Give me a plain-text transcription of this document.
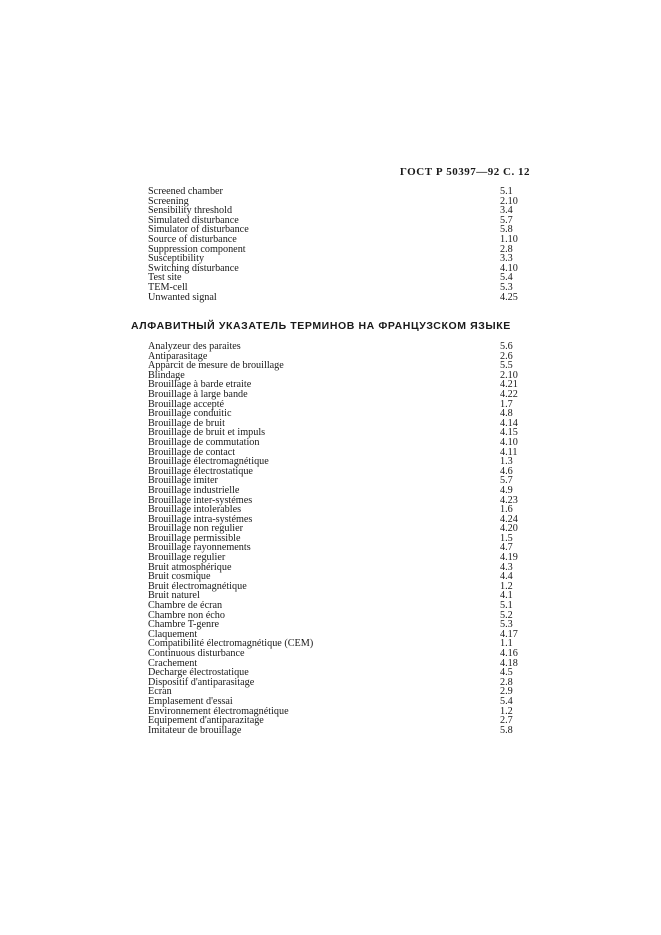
ГОСТ Р 50397—92 С. 12
Screened chamber	5.1
Screening	2.10
Sensibility threshold	3.4
Simulated disturbance	5.7
Simulator of disturbance	5.8
Source of disturbance	1.10
Suppression component	2.8
Susceptibility	3.3
Switching disturbance	4.10
Test site	5.4
TEM-cell	5.3
Unwanted signal	4.25
АЛФАВИТНЫЙ УКАЗАТЕЛЬ ТЕРМИНОВ НА ФРАНЦУЗСКОМ ЯЗЫКЕ
Analyzeur des paraites	5.6
Antiparasitage	2.6
Apparcit de mesure de brouillage	5.5
Blindage	2.10
Brouillage à barde etraite	4.21
Brouillage à large bande	4.22
Brouillage accepté	1.7
Brouillage conduitic	4.8
Brouillage de bruit	4.14
Brouillage de bruit et impuls	4.15
Brouillage de commutation	4.10
Brouillage de contact	4.11
Brouillage électromagnétique	1.3
Brouillage électrostatique	4.6
Brouillage imiter	5.7
Brouillage industrielle	4.9
Brouillage inter-systémes	4.23
Brouillage intolerables	1.6
Brouillage intra-systémes	4.24
Brouillage non regulier	4.20
Brouillage permissible	1.5
Brouillage rayonnements	4.7
Brouillage regulier	4.19
Bruit atmosphérique	4.3
Bruit cosmique	4.4
Bruit électromagnétique	1.2
Bruit naturel	4.1
Chambre de écran	5.1
Chambre non écho	5.2
Chambre T-genre	5.3
Claquement	4.17
Compatibilité électromagnétique (CEM)	1.1
Continuous disturbance	4.16
Crachement	4.18
Decharge électrostatique	4.5
Dispositif d'antiparasitage	2.8
Ecran	2.9
Emplasement d'essai	5.4
Environnement électromagnétique	1.2
Equipement d'antiparazitage	2.7
Imitateur de brouillage	5.8
